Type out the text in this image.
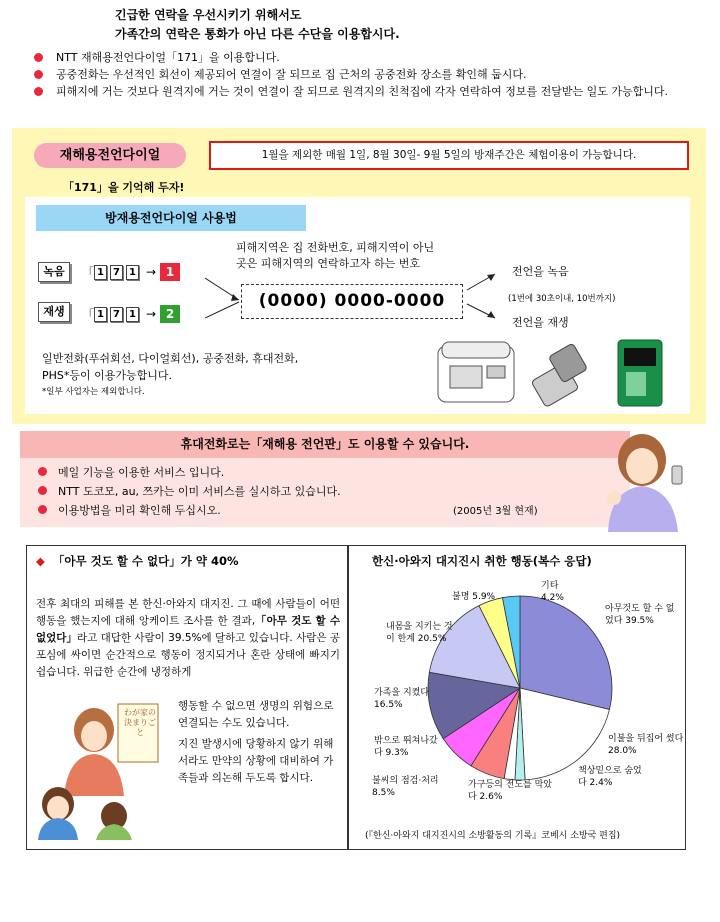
긴급한 연락을 우선시키기 위해서도
가족간의 연락은 통화가 아닌 다른 수단을 이용합시다.
NTT 재해용전언다이얼「171」을 이용합니다.
공중전화는 우선적인 회선이 제공되어 연결이 잘 되므로 집 근처의 공중전화 장소를 확인해 둡시다.
피해지에 거는 것보다 원격지에 거는 것이 연결이 잘 되므로 원격지의 친척집에 각자 연락하여 정보를 전달받는 일도 가능합니다.
재해용전언다이얼	1월을 제외한 매월 1일, 8월 30일- 9월 5일의 방재주간은 체험이용이 가능합니다.
「171」을 기억해 두자!
방재용전언다이얼 사용법
피해지역은 집 전화번호, 피해지역이 아닌
곳은 피해지역의 연락하고자 하는 번호
녹음	「 1 7 1 → 1
재생	「 1 7 1 → 2
(0000) 0000-0000
전언을 녹음
(1번에 30초이내, 10번까지)
전언을 재생
일반전화(푸쉬회선, 다이얼회선), 공중전화, 휴대전화,
PHS*등이 이용가능합니다.
*일부 사업자는 제외합니다.
휴대전화로는「재해용 전언판」도 이용할 수 있습니다.
메일 기능을 이용한 서비스 입니다.
NTT 도코모, au, 쯔카는 이미 서비스를 실시하고 있습니다.
이용방법을 미리 확인해 두십시오.	(2005년 3월 현재)
◆ 「아무 것도 할 수 없다」가 약 40%
전후 최대의 피해를 본 한신·아와지 대지진. 그 때에 사람들이 어떤 행동을 했는지에 대해 앙케이트 조사를 한 결과,「아무 것도 할 수 없었다」라고 대답한 사람이 39.5%에 달하고 있습니다. 사람은 공포심에 싸이면 순간적으로 행동이 정지되거나 혼란 상태에 빠지기 쉽습니다. 위급한 순간에 냉정하게
행동할 수 없으면 생명의 위험으로 연결되는 수도 있습니다.
지진 발생시에 당황하지 않기 위해서라도 만약의 상황에 대비하여 가족들과 의논해 두도록 합시다.
わが家の 決まりごと
한신·아와지 대지진시 취한 행동(복수 응답)
아무것도 할 수 없었다 39.5%
이불을 뒤집어 썼다 28.0%
책상밑으로 숨었다 2.4%
가구등의 전도를 막았다 2.6%
불씨의 점검·처리 8.5%
밖으로 뛰쳐나갔다 9.3%
가족을 지켰다 16.5%
내몸을 지키는 것이 한계 20.5%
불명 5.9%
기타 4.2%
(『한신·아와지 대지진시의 소방활동의 기록』코베시 소방국 편집)
